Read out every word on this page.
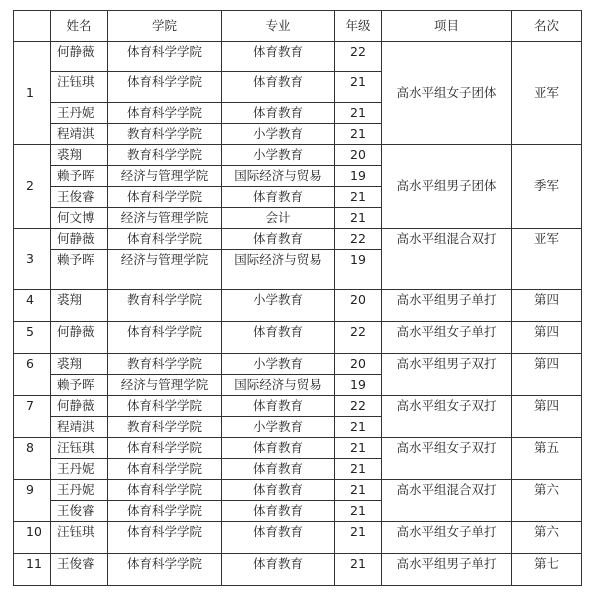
	姓名	学院	专业	年级	项目	名次
1	何静薇	体育科学学院	体育教育	22	高水平组女子团体	亚军
	汪钰琪	体育科学学院	体育教育	21		
	王丹妮	体育科学学院	体育教育	21		
	程靖淇	教育科学学院	小学教育	21		
2	裘翔	教育科学学院	小学教育	20	高水平组男子团体	季军
	赖予晖	经济与管理学院	国际经济与贸易	19		
	王俊睿	体育科学学院	体育教育	21		
	何文博	经济与管理学院	会计	21		
3	何静薇	体育科学学院	体育教育	22	高水平组混合双打	亚军
	赖予晖	经济与管理学院	国际经济与贸易	19		
4	裘翔	教育科学学院	小学教育	20	高水平组男子单打	第四
5	何静薇	体育科学学院	体育教育	22	高水平组女子单打	第四
6	裘翔	教育科学学院	小学教育	20	高水平组男子双打	第四
	赖予晖	经济与管理学院	国际经济与贸易	19		
7	何静薇	体育科学学院	体育教育	22	高水平组女子双打	第四
	程靖淇	教育科学学院	小学教育	21		
8	汪钰琪	体育科学学院	体育教育	21	高水平组女子双打	第五
	王丹妮	体育科学学院	体育教育	21		
9	王丹妮	体育科学学院	体育教育	21	高水平组混合双打	第六
	王俊睿	体育科学学院	体育教育	21		
10	汪钰琪	体育科学学院	体育教育	21	高水平组女子单打	第六
11	王俊睿	体育科学学院	体育教育	21	高水平组男子单打	第七
